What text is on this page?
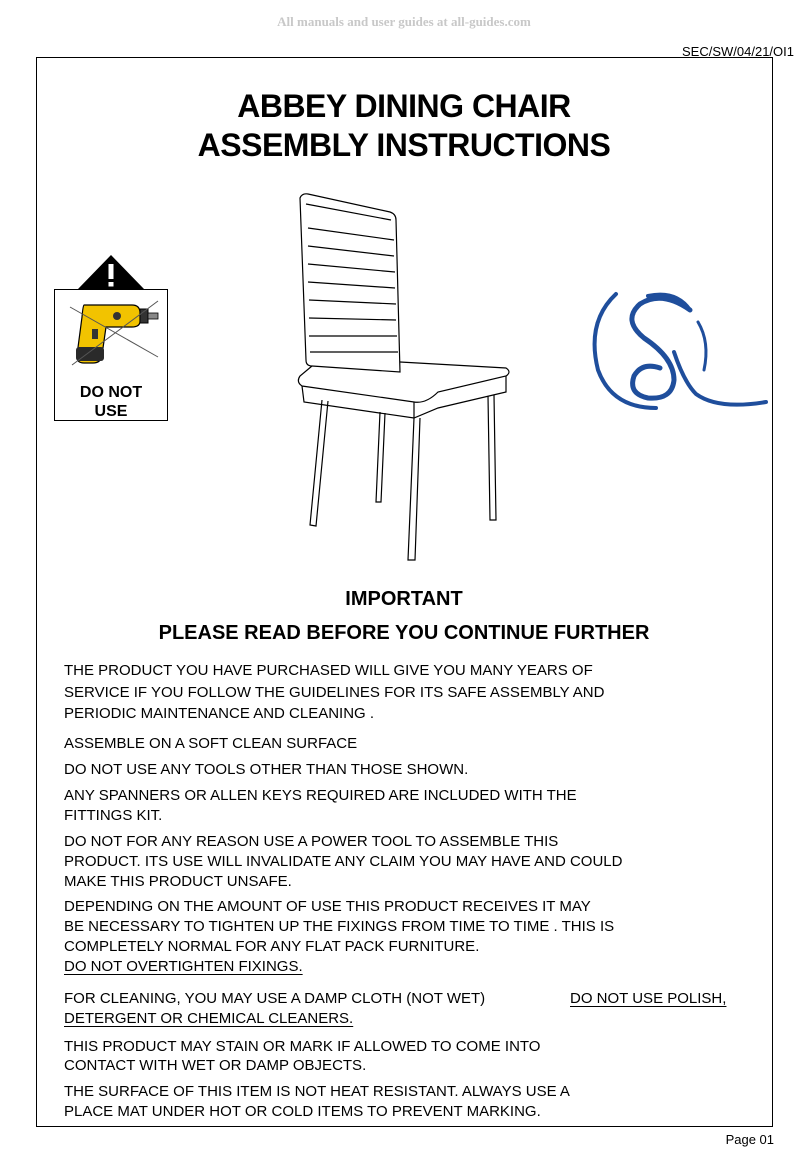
All manuals and user guides at all-guides.com
SEC/SW/04/21/OI1
ABBEY DINING CHAIR
ASSEMBLY INSTRUCTIONS
DO NOT
USE
IMPORTANT
PLEASE READ BEFORE YOU CONTINUE FURTHER
THE PRODUCT YOU HAVE PURCHASED WILL GIVE YOU MANY YEARS OF
SERVICE IF YOU FOLLOW THE GUIDELINES FOR ITS SAFE ASSEMBLY AND
PERIODIC MAINTENANCE AND CLEANING .
ASSEMBLE ON A SOFT CLEAN SURFACE
DO NOT USE ANY TOOLS OTHER THAN THOSE SHOWN.
ANY SPANNERS OR ALLEN KEYS REQUIRED ARE INCLUDED WITH THE
FITTINGS KIT.
DO NOT FOR ANY REASON USE A POWER TOOL TO ASSEMBLE THIS
PRODUCT. ITS USE WILL INVALIDATE ANY CLAIM YOU MAY HAVE AND COULD
MAKE THIS PRODUCT UNSAFE.
DEPENDING ON THE AMOUNT OF USE THIS PRODUCT RECEIVES IT MAY
BE NECESSARY TO TIGHTEN UP THE FIXINGS FROM TIME TO TIME . THIS IS
COMPLETELY NORMAL FOR ANY FLAT PACK FURNITURE.
DO NOT OVERTIGHTEN FIXINGS.
FOR CLEANING, YOU MAY USE A DAMP CLOTH (NOT WET)	DO NOT USE POLISH,
DETERGENT OR CHEMICAL CLEANERS.
THIS PRODUCT MAY STAIN OR MARK IF ALLOWED TO COME INTO
CONTACT WITH WET OR DAMP OBJECTS.
THE SURFACE OF THIS ITEM IS NOT HEAT RESISTANT. ALWAYS USE A
PLACE MAT UNDER HOT OR COLD ITEMS TO PREVENT MARKING.
Page 01
